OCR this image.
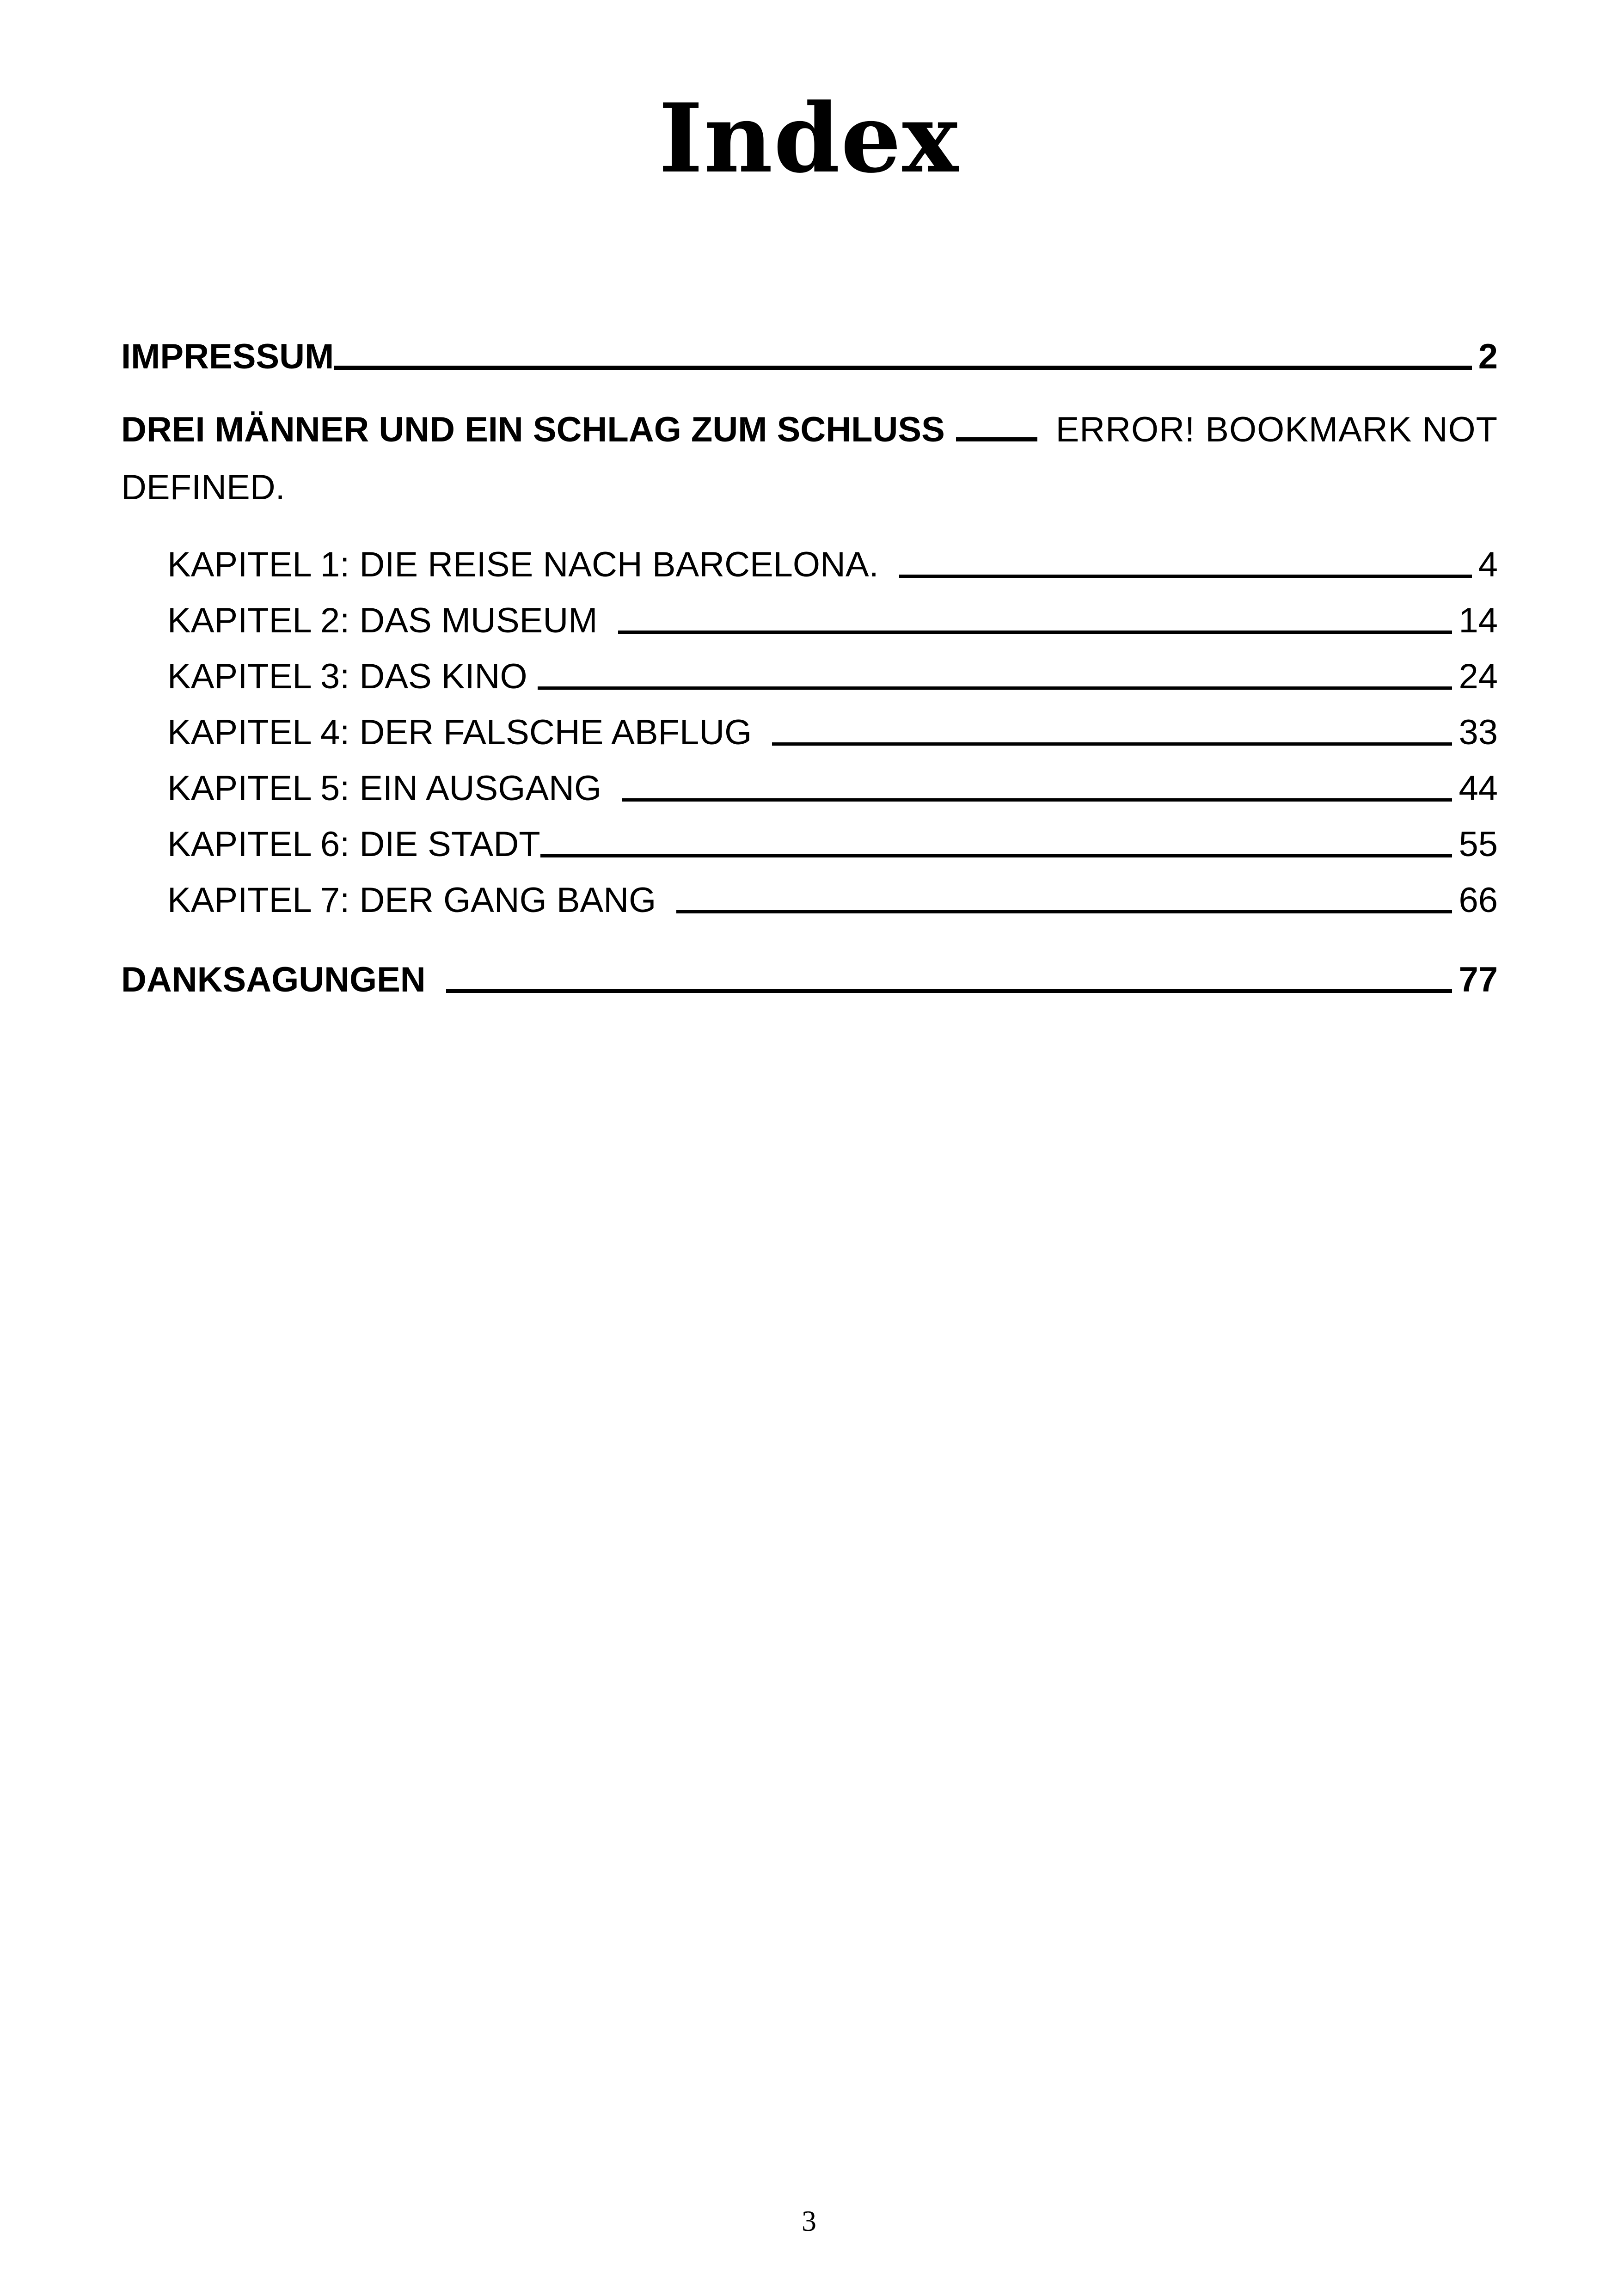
Index
IMPRESSUM	2
DREI MÄNNER UND EIN SCHLAG ZUM SCHLUSS	ERROR! BOOKMARK NOT
DEFINED.
KAPITEL 1: DIE REISE NACH BARCELONA.	4
KAPITEL 2: DAS MUSEUM	14
KAPITEL 3: DAS KINO	24
KAPITEL 4: DER FALSCHE ABFLUG	33
KAPITEL 5: EIN AUSGANG	44
KAPITEL 6: DIE STADT	55
KAPITEL 7: DER GANG BANG	66
DANKSAGUNGEN	77
3
